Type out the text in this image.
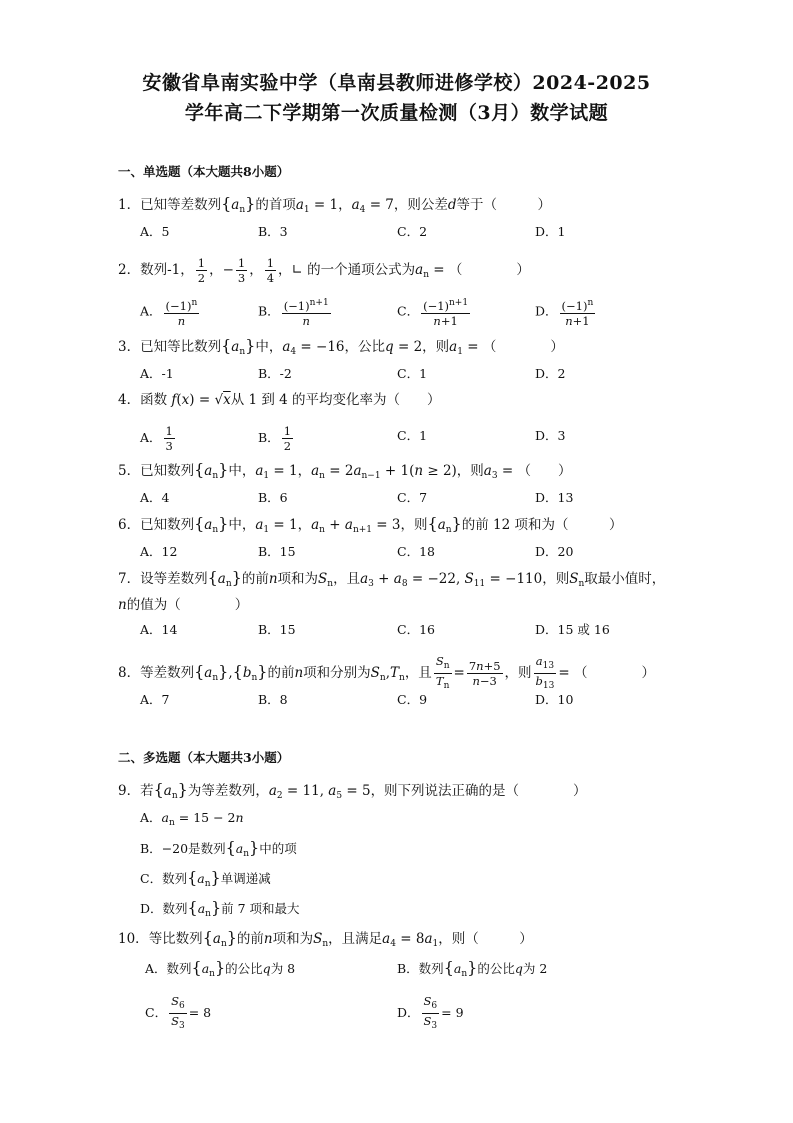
安徽省阜南实验中学（阜南县教师进修学校）2024-2025
学年高二下学期第一次质量检测（3月）数学试题
一、单选题（本大题共8小题）
1．已知等差数列$\{a_n\}$的首项$a_1 = 1$，$a_4 = 7$，则公差d等于（　　　）
A．5	B．3	C．2	D．1
2．数列-1， $\frac{1}{2}$ ，− $\frac{1}{3}$ ， $\frac{1}{4}$ ，∟ 的一个通项公式为$a_n$ = （　　　　）
A． $\frac{(-1)^n}{n}$	B． $\frac{(-1)^{n+1}}{n}$	C． $\frac{(-1)^{n+1}}{n+1}$	D． $\frac{(-1)^n}{n+1}$
3．已知等比数列$\{a_n\}$中，$a_4 = -16$，公比q = 2，则$a_1$ = （　　　　）
A．-1	B．-2	C．1	D．2
4．函数 f(x) = √x从 1 到 4 的平均变化率为（　　）
A． $\frac{1}{3}$	B． $\frac{1}{2}$	C．1	D．3
5．已知数列$\{a_n\}$中，$a_1 = 1$，$a_n = 2a_{n-1} + 1(n \ge 2)$，则$a_3$ = （　　）
A．4	B．6	C．7	D．13
6．已知数列$\{a_n\}$中，$a_1 = 1$，$a_n + a_{n+1} = 3$，则$\{a_n\}$的前 12 项和为（　　　）
A．12	B．15	C．18	D．20
7．设等差数列$\{a_n\}$的前n项和为$S_n$，且$a_3 + a_8 = -22$, $S_{11} = -110$，则$S_n$取最小值时，
n的值为（　　　　）
A．14	B．15	C．16	D．15 或 16
8．等差数列$\{a_n\},\{b_n\}$的前n项和分别为$S_n,T_n$，且 $\frac{S_n}{T_n} = \frac{7n+5}{n-3}$ ，则 $\frac{a_{13}}{b_{13}}$ = （　　　　）
A．7	B．8	C．9	D．10
二、多选题（本大题共3小题）
9．若$\{a_n\}$为等差数列，$a_2 = 11$, $a_5 = 5$，则下列说法正确的是（　　　　）
A．$a_n = 15 - 2n$
B．−20是数列$\{a_n\}$中的项
C．数列$\{a_n\}$单调递减
D．数列$\{a_n\}$前 7 项和最大
10．等比数列$\{a_n\}$的前n项和为$S_n$，且满足$a_4 = 8a_1$，则（　　　）
A．数列$\{a_n\}$的公比q为 8	B．数列$\{a_n\}$的公比q为 2
C． $\frac{S_6}{S_3} = 8$	D． $\frac{S_6}{S_3} = 9$
